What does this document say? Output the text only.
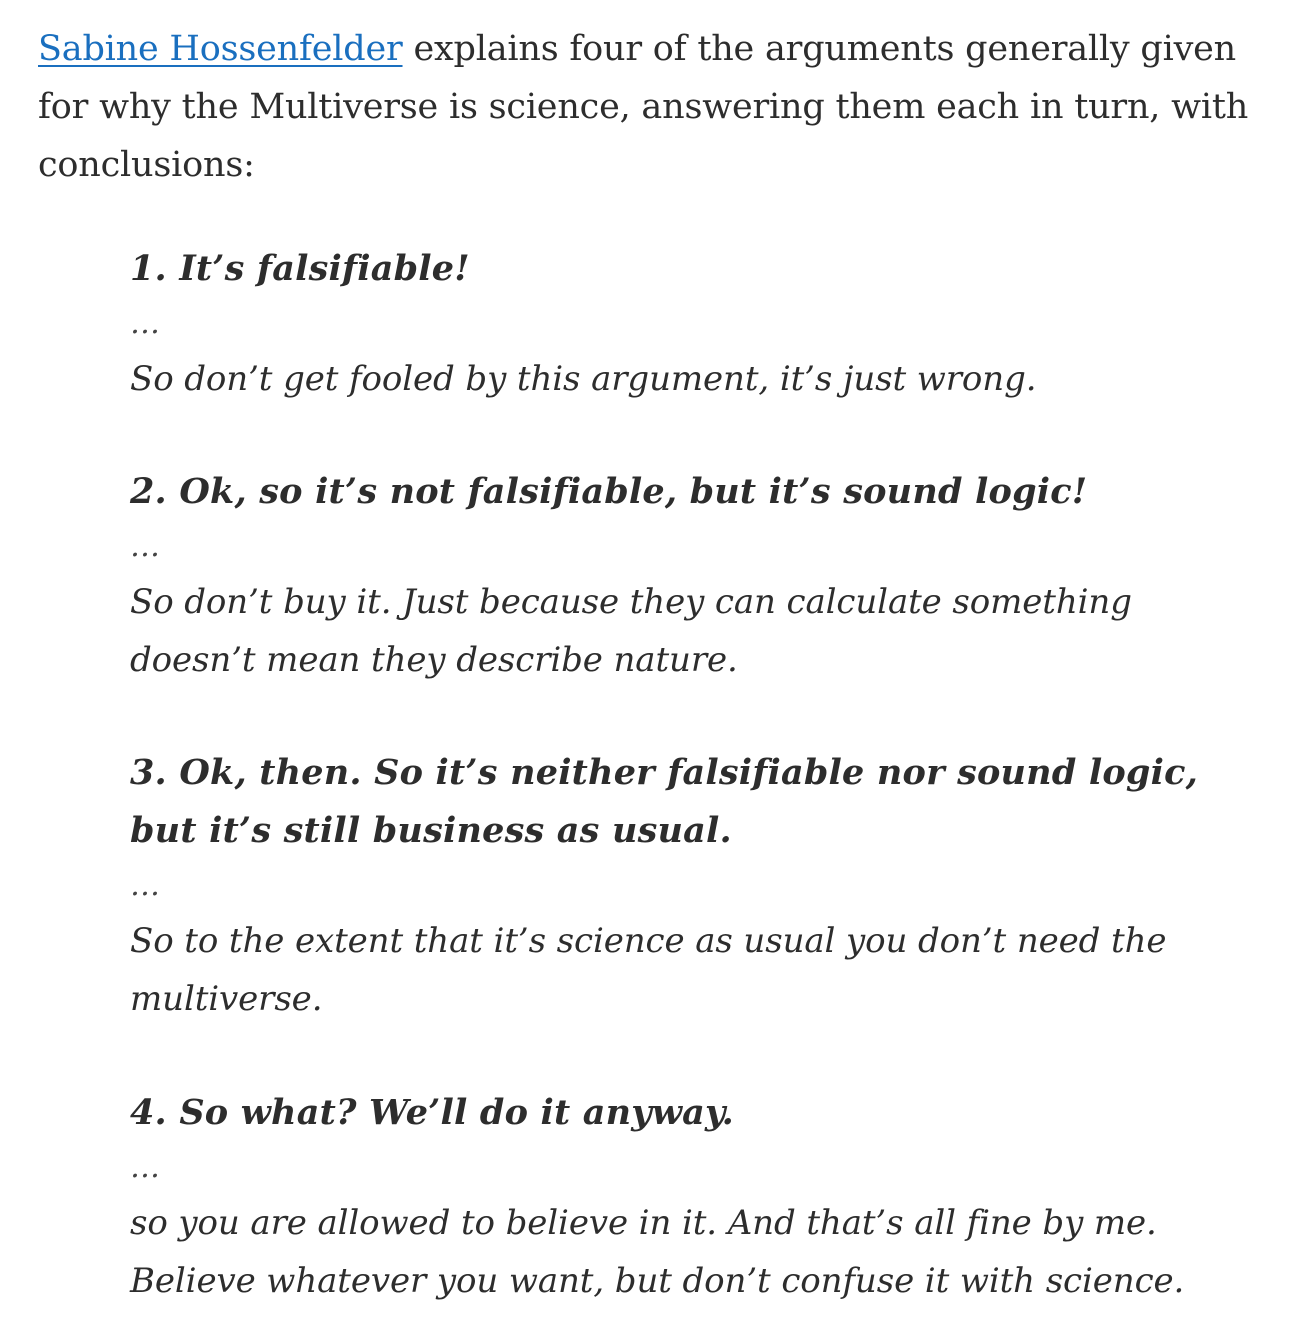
Sabine Hossenfelder explains four of the arguments generally given for why the Multiverse is science, answering them each in turn, with conclusions:

1. It’s falsifiable!

…

So don’t get fooled by this argument, it’s just wrong.

2. Ok, so it’s not falsifiable, but it’s sound logic!

…

So don’t buy it. Just because they can calculate something doesn’t mean they describe nature.

3. Ok, then. So it’s neither falsifiable nor sound logic, but it’s still business as usual.

…

So to the extent that it’s science as usual you don’t need the multiverse.

4. So what? We’ll do it anyway.

…

so you are allowed to believe in it. And that’s all fine by me. Believe whatever you want, but don’t confuse it with science.
